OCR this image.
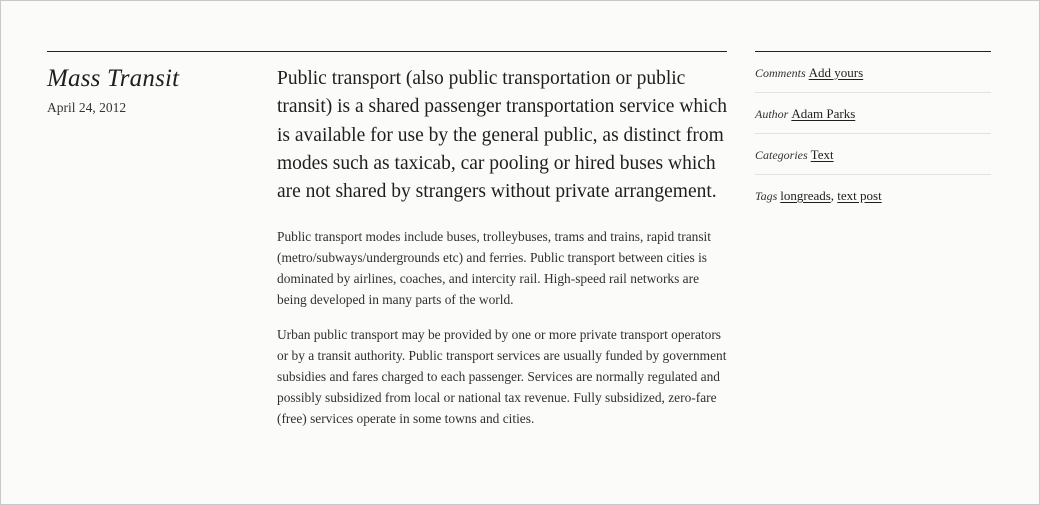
Mass Transit
April 24, 2012

Public transport (also public transportation or public transit) is a shared passenger transportation service which is available for use by the general public, as distinct from modes such as taxicab, car pooling or hired buses which are not shared by strangers without private arrangement.

Public transport modes include buses, trolleybuses, trams and trains, rapid transit (metro/subways/undergrounds etc) and ferries. Public transport between cities is dominated by airlines, coaches, and intercity rail. High-speed rail networks are being developed in many parts of the world.

Urban public transport may be provided by one or more private transport operators or by a transit authority. Public transport services are usually funded by government subsidies and fares charged to each passenger. Services are normally regulated and possibly subsidized from local or national tax revenue. Fully subsidized, zero-fare (free) services operate in some towns and cities.

Comments Add yours
Author Adam Parks
Categories Text
Tags longreads, text post
